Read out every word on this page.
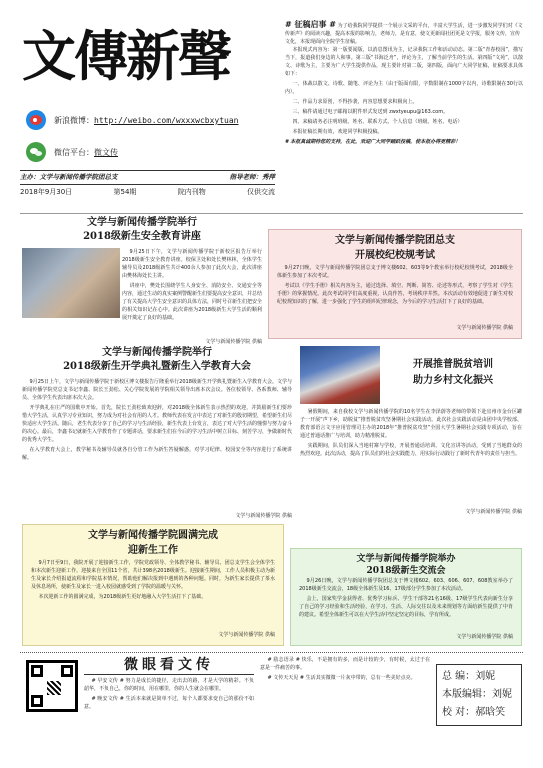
文傳新聲
新浪微博：http://weibo.com/wxxxwcbxytuan
微信平台：微文传
主办：文学与新闻传播学院团总支	指导老师：秀萍
2018年9月30日	第54期	院内刊物	仅供交流
# 征稿启事 # 为了给我院同学提供一个展示文采的平台，丰富大学生活，进一步激发同学们对《文传新声》的阅读兴趣，提高本报的影响力，老师力，是有意，使文更新闻社团更是文学报，服务文传，宣传文化，本报现面向全院学生征稿。

本报现式内容为：第一版要闻版，以消息图讯为主，记录我院工作和活动动态。第二版“青春校园”，描写当下，报道我们身边的人和事。第三版“书海泛舟”，评论为主，了解当前学生的生活。第四版“文苑”，以散文、诗歌为主，主要为广大学生提供作品，现主要针对第二版，第四版，面向广大同学征稿，征稿要求具体如下：

一、体裁以散文、诗歌、随笔、评论为主（由于版面有限，字数限制在1000字以内，诗歌限制在30行以内）。

二、作品力求原创，不得抄袭，内容思想要求积极向上。

三、稿件请通过电子邮箱以附件形式发送到 zwxtyeupu@163.com。

四、来稿请务必注明班级、姓名、联系方式、个人信息（班级、姓名、电话）

本报征稿长期有效，欢迎同学积极投稿。

# 本报真诚期待您的支持，在此，欢迎广大同学踊跃投稿，使本报办得更精彩！
文学与新闻传播学院举行
2018级新生安全教育讲座

9月25日下午，文学与新闻传播学院于新校区报告厅举行2018级新生安全教育讲座。校保卫处和处长樊林林，全体学生辅导员及2018级新生共计400余人参加了此次大会，此次讲座由樊林海处长主讲。

讲座中，樊处长围绕学生人身安全、消防安全、交通安全等内容，通过生动的真实案例警醒新生们要提高安全意识，并总结了有关提高大学生安全意识的具体方法，同时号召新生们把安全的相关知识记在心中。此次讲座为2018级新生大学生活的顺利展开奠定了良好的基础。

文学与新闻传播学院 供稿
文学与新闻传播学院团总支
开展校纪校规考试

9月27日晚，文学与新闻传播学院团总支于博文楼602、603等9个教室举行校纪校规考试，2018级全体新生参加了本次考试。

考试以《学生手册》相关内容为主，通过选择、填空、判断、简答、论述等形式，考察了学生对《学生手册》的掌握情况。此次考试同学们高度重视，认真作答，考场秩序井然。本次活动有效地促进了新生对校纪校规知识的了解，进一步强化了学生的组织纪律观念，为今后的学习生活打下了良好的基础。

文学与新闻传播学院 供稿
文学与新闻传播学院举行
2018级新生开学典礼暨新生入学教育大会

9月25日上午，文学与新闻传播学院于新校区博文楼报告厅隆重举行2018级新生开学典礼暨新生入学教育大会。文学与新闻传播学院党总支书记李鑫、院长王劲松、关心学院发展的学院相关领导出席本次会议。各位校领导、各系教师、辅导员、全体学生代表出席本次大会。

开学典礼在庄严的国歌中开始。首先，院长王劲松致欢迎辞，对2018级全体新生表示热烈的欢迎，并鼓励新生们要珍惜大学生活，认真学习专业知识，努力成为对社会有用的人才。教师代表在发言中表达了对新生的殷切期望，希望新生们尽快适应大学生活。随后，老生代表分享了自己的学习与生活经验，新生代表上台发言，表达了对大学生活的憧憬与努力奋斗的决心。最后，李鑫书记就新生入学教育作了专题讲话，要求新生们在今后的学习生活中树立目标、刻苦学习，争做新时代的优秀大学生。

在入学教育大会上，教学秘书及辅导员就各自分管工作为新生答疑解惑，对学习纪律、校园安全等内容进行了系统讲解。

文学与新闻传播学院 供稿
开展推普脱贫培训
助力乡村文化振兴

暑假期间，来自我校文学与新闻传播学院的10名学生在李泽蔚等老师的带领下赴宜州市金台区罐子一开展“声下乡，助脱贫”推普脱贫攻坚暑期社会实践活动。此次社会实践活动是由团中央学校部、教育部语言文字应用管理司主办的2018年“推普脱贫攻坚”全国大学生暑期社会实践专项活动，旨在通过普通话推广与培训，助力精准脱贫。

实践期间，队员们深入当地村寨与学校，开展普通话培训、文化宣讲等活动，受到了当地群众的热烈欢迎。此次活动，提高了队员们的社会实践能力，用实际行动践行了新时代青年的责任与担当。

文学与新闻传播学院 供稿
文学与新闻传播学院圆满完成
迎新生工作

9月7日至9日，我院开展了迎接新生工作，学院党政领导、全体教学秘书、辅导员、团总支学生会全体学生和本次新生迎新工作。迎接来自全国11个省，共计398名2018级新生。迎接新生期间，工作人员积极主动为新生及家长介绍报道流程和学院基本情况，帮助他们解决报到中遇到的各种问题。同时，为新生家长提供了茶水及休息场所，使新生及家长一进入校园就感受到了学院的温暖与关怀。

本次迎新工作的圆满完成，为2018级新生更好地融入大学生活打下了基础。

文学与新闻传播学院 供稿
文学与新闻传播学院举办
2018级新生交流会

9月26日晚，文学与新闻传播学院团总支于博文楼602、603、606、607、608教室举办了2018级新生交流会，18级全体新生及16、17级部分学生参加了本次活动。

会上，国家奖学金获得者、优秀学习标兵、学生干部等21名16级、17级学生代表向新生分享了自己的学习经验和生活经验，在学习、生活、人际交往以及未来规划等方面给新生提供了中肯的建议。希望全体新生可以在大学生活中坚定坚定的目标，学有所成。

文学与新闻传播学院 供稿
微眼看文传

# 早安文传 # 努力是成长的捷径，走出去的路，才是大学的精彩。不负韶华，不负自己，你的时间，用在哪里，你的人生就会在哪里。

# 晚安文传 # 生活本来就是简单不过，每个人都要求变自己的那份不如意。

# 励志语录 # 快乐，不是拥有的多，而是计较的少，有时候，太过于在意是一件痛苦的事。

# 文传天天见 # 生活其实微微一片灰中带的，总有一些美好点亮。	总 编：刘妮
本版编辑：刘妮
校 对：郝晗笑
